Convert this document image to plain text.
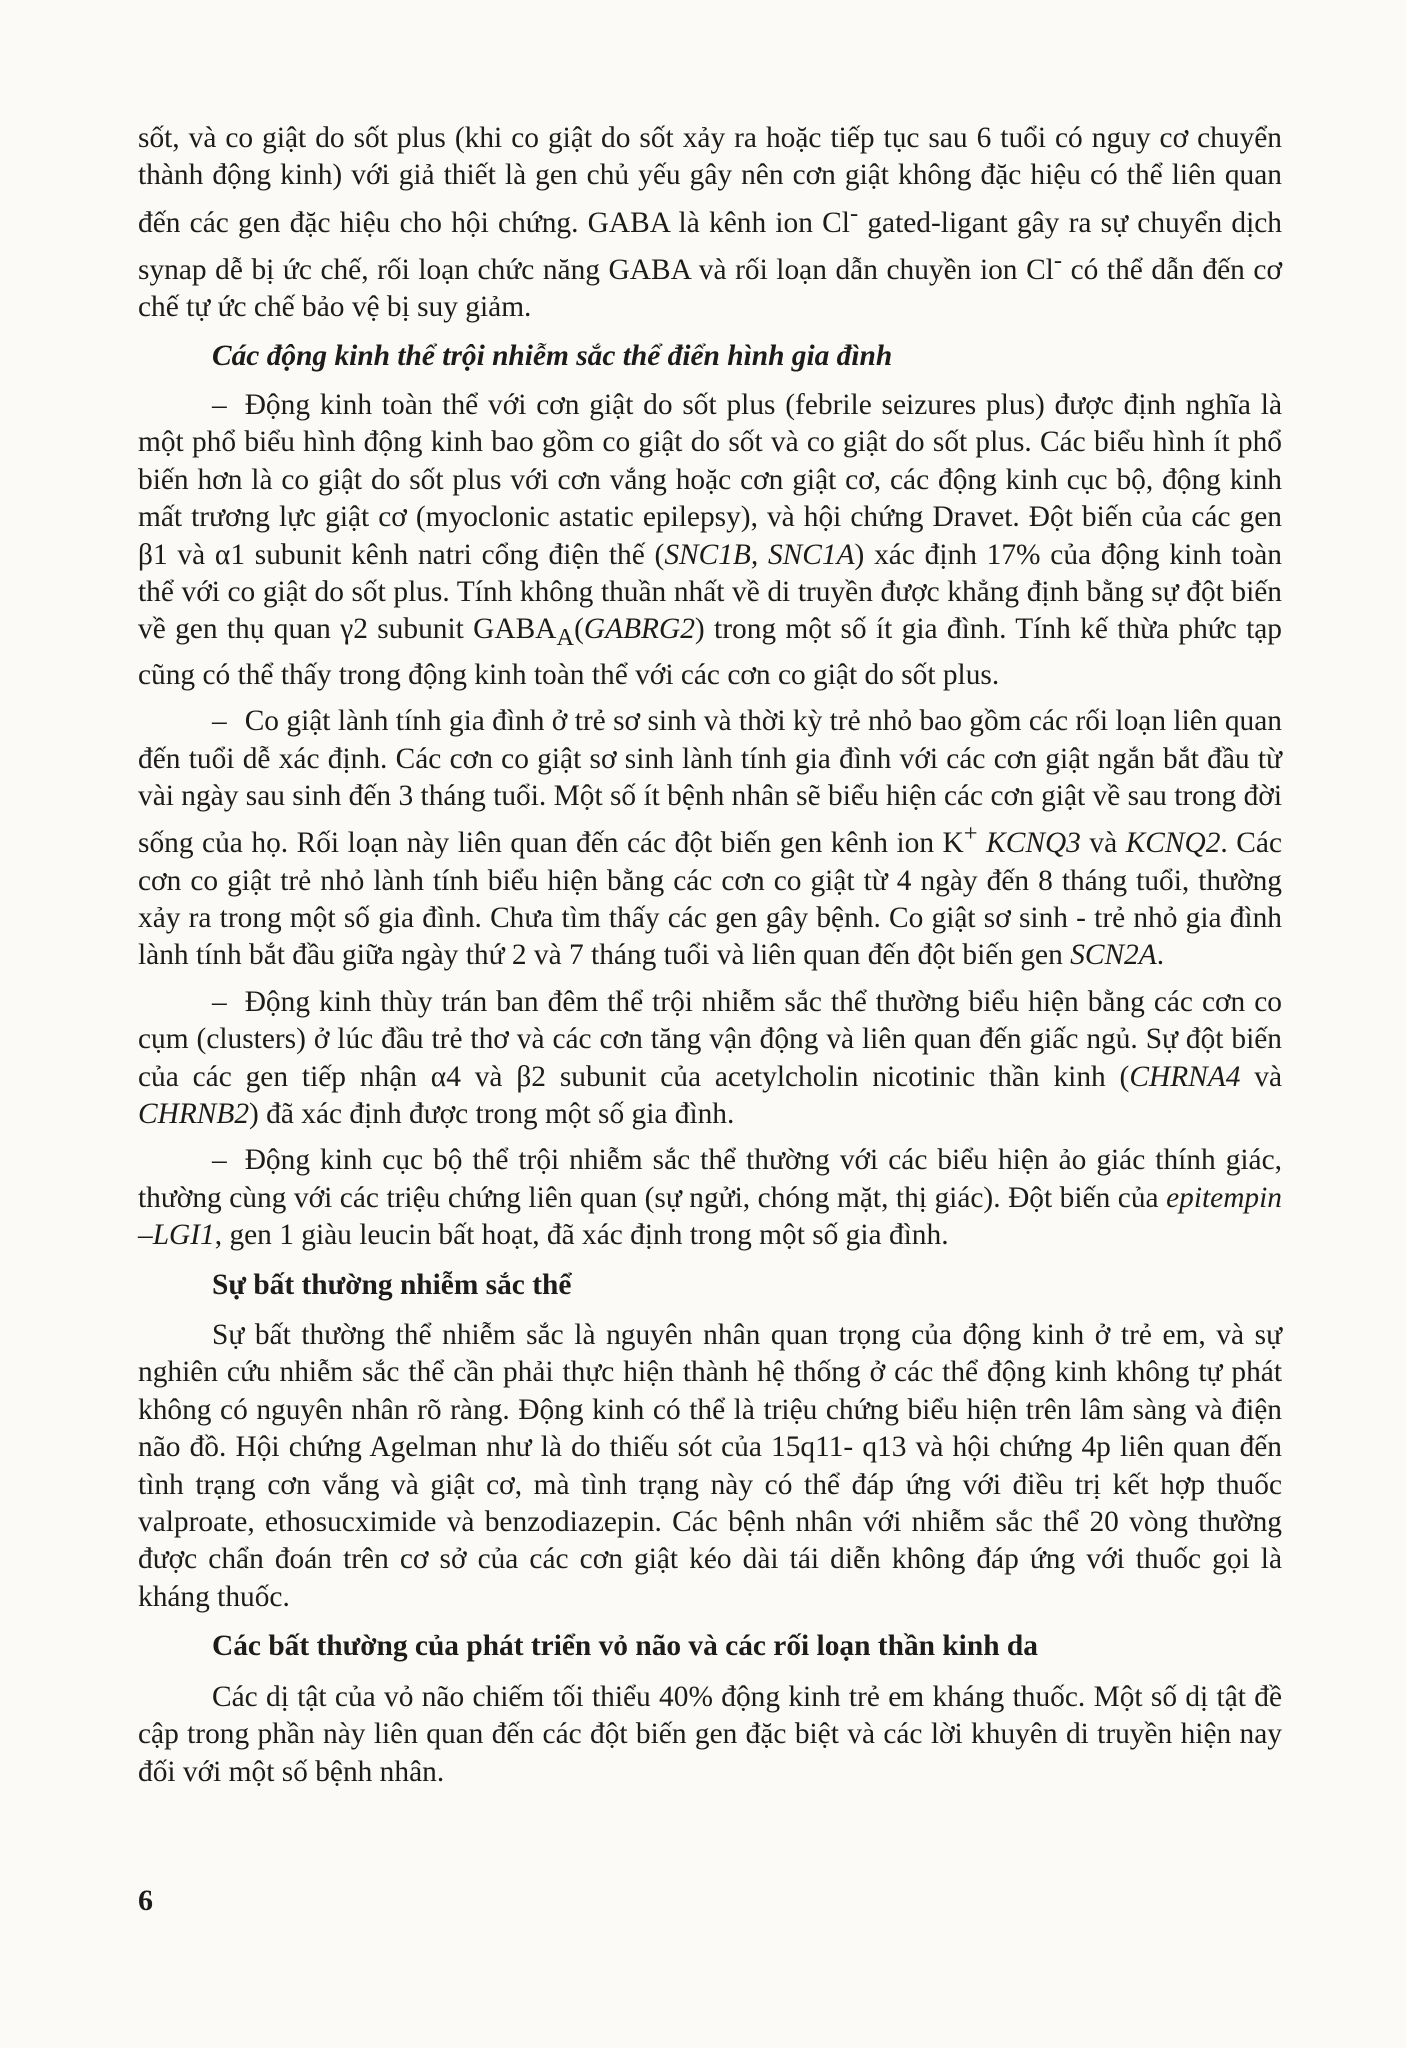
sốt, và co giật do sốt plus (khi co giật do sốt xảy ra hoặc tiếp tục sau 6 tuổi có nguy cơ chuyển thành động kinh) với giả thiết là gen chủ yếu gây nên cơn giật không đặc hiệu có thể liên quan đến các gen đặc hiệu cho hội chứng. GABA là kênh ion Cl- gated-ligant gây ra sự chuyển dịch synap dễ bị ức chế, rối loạn chức năng GABA và rối loạn dẫn chuyền ion Cl- có thể dẫn đến cơ chế tự ức chế bảo vệ bị suy giảm.

Các động kinh thể trội nhiễm sắc thể điển hình gia đình

– Động kinh toàn thể với cơn giật do sốt plus (febrile seizures plus) được định nghĩa là một phổ biểu hình động kinh bao gồm co giật do sốt và co giật do sốt plus. Các biểu hình ít phổ biến hơn là co giật do sốt plus với cơn vắng hoặc cơn giật cơ, các động kinh cục bộ, động kinh mất trương lực giật cơ (myoclonic astatic epilepsy), và hội chứng Dravet. Đột biến của các gen β1 và α1 subunit kênh natri cổng điện thế (SNC1B, SNC1A) xác định 17% của động kinh toàn thể với co giật do sốt plus. Tính không thuần nhất về di truyền được khẳng định bằng sự đột biến về gen thụ quan γ2 subunit $GABA_A(GABRG2)$ trong một số ít gia đình. Tính kế thừa phức tạp cũng có thể thấy trong động kinh toàn thể với các cơn co giật do sốt plus.

– Co giật lành tính gia đình ở trẻ sơ sinh và thời kỳ trẻ nhỏ bao gồm các rối loạn liên quan đến tuổi dễ xác định. Các cơn co giật sơ sinh lành tính gia đình với các cơn giật ngắn bắt đầu từ vài ngày sau sinh đến 3 tháng tuổi. Một số ít bệnh nhân sẽ biểu hiện các cơn giật về sau trong đời sống của họ. Rối loạn này liên quan đến các đột biến gen kênh ion K+ KCNQ3 và KCNQ2. Các cơn co giật trẻ nhỏ lành tính biểu hiện bằng các cơn co giật từ 4 ngày đến 8 tháng tuổi, thường xảy ra trong một số gia đình. Chưa tìm thấy các gen gây bệnh. Co giật sơ sinh - trẻ nhỏ gia đình lành tính bắt đầu giữa ngày thứ 2 và 7 tháng tuổi và liên quan đến đột biến gen SCN2A.

– Động kinh thùy trán ban đêm thể trội nhiễm sắc thể thường biểu hiện bằng các cơn co cụm (clusters) ở lúc đầu trẻ thơ và các cơn tăng vận động và liên quan đến giấc ngủ. Sự đột biến của các gen tiếp nhận α4 và β2 subunit của acetylcholin nicotinic thần kinh (CHRNA4 và CHRNB2) đã xác định được trong một số gia đình.

– Động kinh cục bộ thể trội nhiễm sắc thể thường với các biểu hiện ảo giác thính giác, thường cùng với các triệu chứng liên quan (sự ngửi, chóng mặt, thị giác). Đột biến của epitempin –LGI1, gen 1 giàu leucin bất hoạt, đã xác định trong một số gia đình.

Sự bất thường nhiễm sắc thể

Sự bất thường thể nhiễm sắc là nguyên nhân quan trọng của động kinh ở trẻ em, và sự nghiên cứu nhiễm sắc thể cần phải thực hiện thành hệ thống ở các thể động kinh không tự phát không có nguyên nhân rõ ràng. Động kinh có thể là triệu chứng biểu hiện trên lâm sàng và điện não đồ. Hội chứng Agelman như là do thiếu sót của 15q11- q13 và hội chứng 4p liên quan đến tình trạng cơn vắng và giật cơ, mà tình trạng này có thể đáp ứng với điều trị kết hợp thuốc valproate, ethosucximide và benzodiazepin. Các bệnh nhân với nhiễm sắc thể 20 vòng thường được chẩn đoán trên cơ sở của các cơn giật kéo dài tái diễn không đáp ứng với thuốc gọi là kháng thuốc.

Các bất thường của phát triển vỏ não và các rối loạn thần kinh da

Các dị tật của vỏ não chiếm tối thiểu 40% động kinh trẻ em kháng thuốc. Một số dị tật đề cập trong phần này liên quan đến các đột biến gen đặc biệt và các lời khuyên di truyền hiện nay đối với một số bệnh nhân.

6
